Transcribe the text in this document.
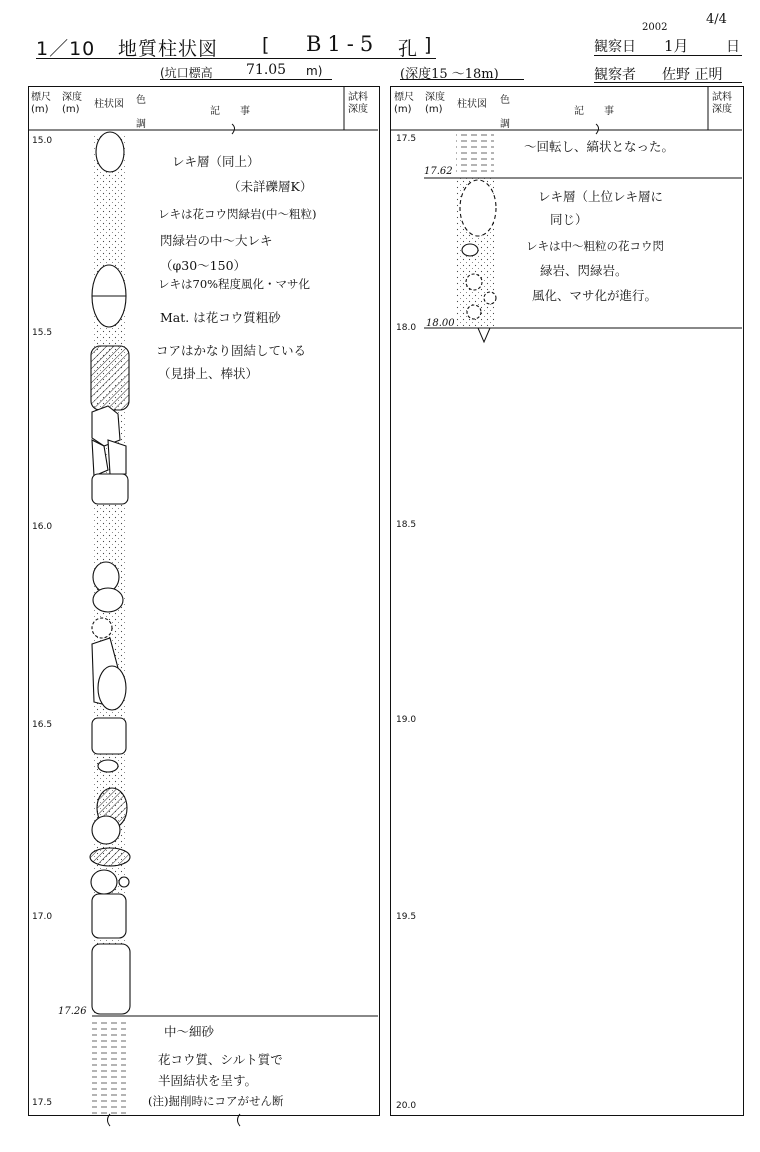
1／10 地質柱状図 [ B1-5 孔 ]
4/4
2002
観察日 1月	日
(坑口標高 71.05 m)	(深度15 ～18m)	観察者 佐野 正明
標尺
(m)
深度
(m) 柱状図 色
調
記　　事
試料
深度
標尺
(m)
深度
(m) 柱状図 色
調
記　　事
試料
深度
15.0
15.5
16.0
16.5
17.0
17.5
17.5
18.0
18.5
19.0
19.5
20.0
17.26
17.62
18.00
レキ層（同上）
（未詳礫層K）
レキは花コウ閃緑岩(中～粗粒)
閃緑岩の中～大レキ
（φ30～150）
レキは70%程度風化・マサ化
Mat. は花コウ質粗砂
コアはかなり固結している
（見掛上、棒状）
中～細砂
花コウ質、シルト質で
半固結状を呈す。
(注)掘削時にコアがせん断
～回転し、縞状となった。
レキ層（上位レキ層に
同じ）
レキは中～粗粒の花コウ閃
緑岩、閃緑岩。
風化、マサ化が進行。
